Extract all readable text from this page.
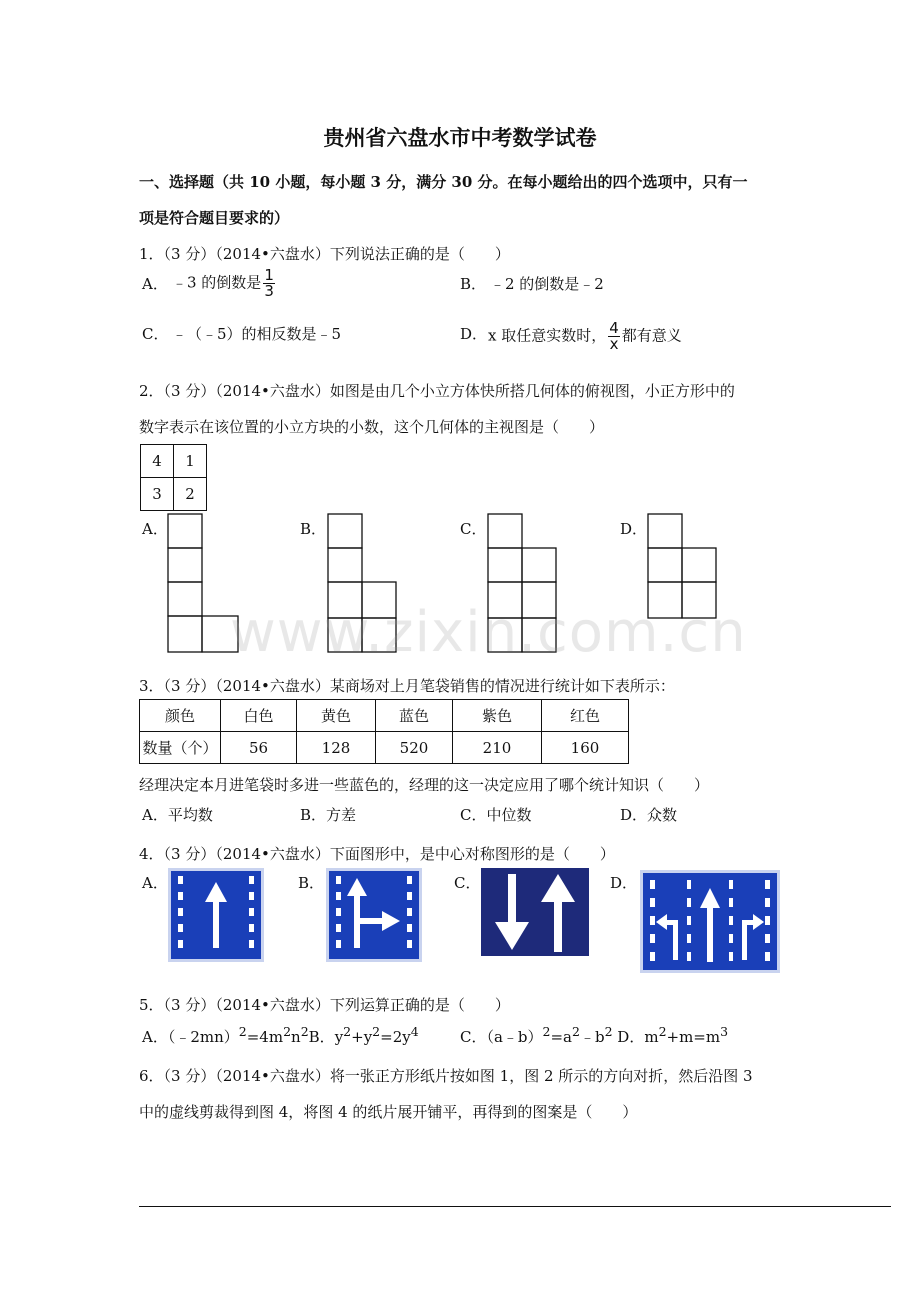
贵州省六盘水市中考数学试卷
一、选择题（共 10 小题，每小题 3 分，满分 30 分。在每小题给出的四个选项中，只有一
项是符合题目要求的）
1．（3 分）（2014•六盘水）下列说法正确的是（　　）
A． ﹣3 的倒数是 $\frac{1}{3}$	B． ﹣2 的倒数是﹣2
C． ﹣（﹣5）的相反数是﹣5	D． x 取任意实数时， $\frac{4}{x}$ 都有意义
2．（3 分）（2014•六盘水）如图是由几个小立方体快所搭几何体的俯视图，小正方形中的
数字表示在该位置的小立方块的小数，这个几何体的主视图是（　　）
4	1
3	2
A．	B．	C．	D．
www.zixin.com.cn
3．（3 分）（2014•六盘水）某商场对上月笔袋销售的情况进行统计如下表所示：
颜色	白色	黄色	蓝色	紫色	红色
数量（个）	56	128	520	210	160
经理决定本月进笔袋时多进一些蓝色的，经理的这一决定应用了哪个统计知识（　　）
A．平均数	B．方差	C．中位数	D．众数
4．（3 分）（2014•六盘水）下面图形中，是中心对称图形的是（　　）
A．	B．	C．	D．
5．（3 分）（2014•六盘水）下列运算正确的是（　　）
A．$(﹣2mn)^2=4m^2n^2B$．$y^2+y^2=2y^4$	C．$(a﹣b)^2=a^2﹣b^2$ D．$m^2+m=m^3$
6．（3 分）（2014•六盘水）将一张正方形纸片按如图 1，图 2 所示的方向对折，然后沿图 3
中的虚线剪裁得到图 4，将图 4 的纸片展开铺平，再得到的图案是（　　）
